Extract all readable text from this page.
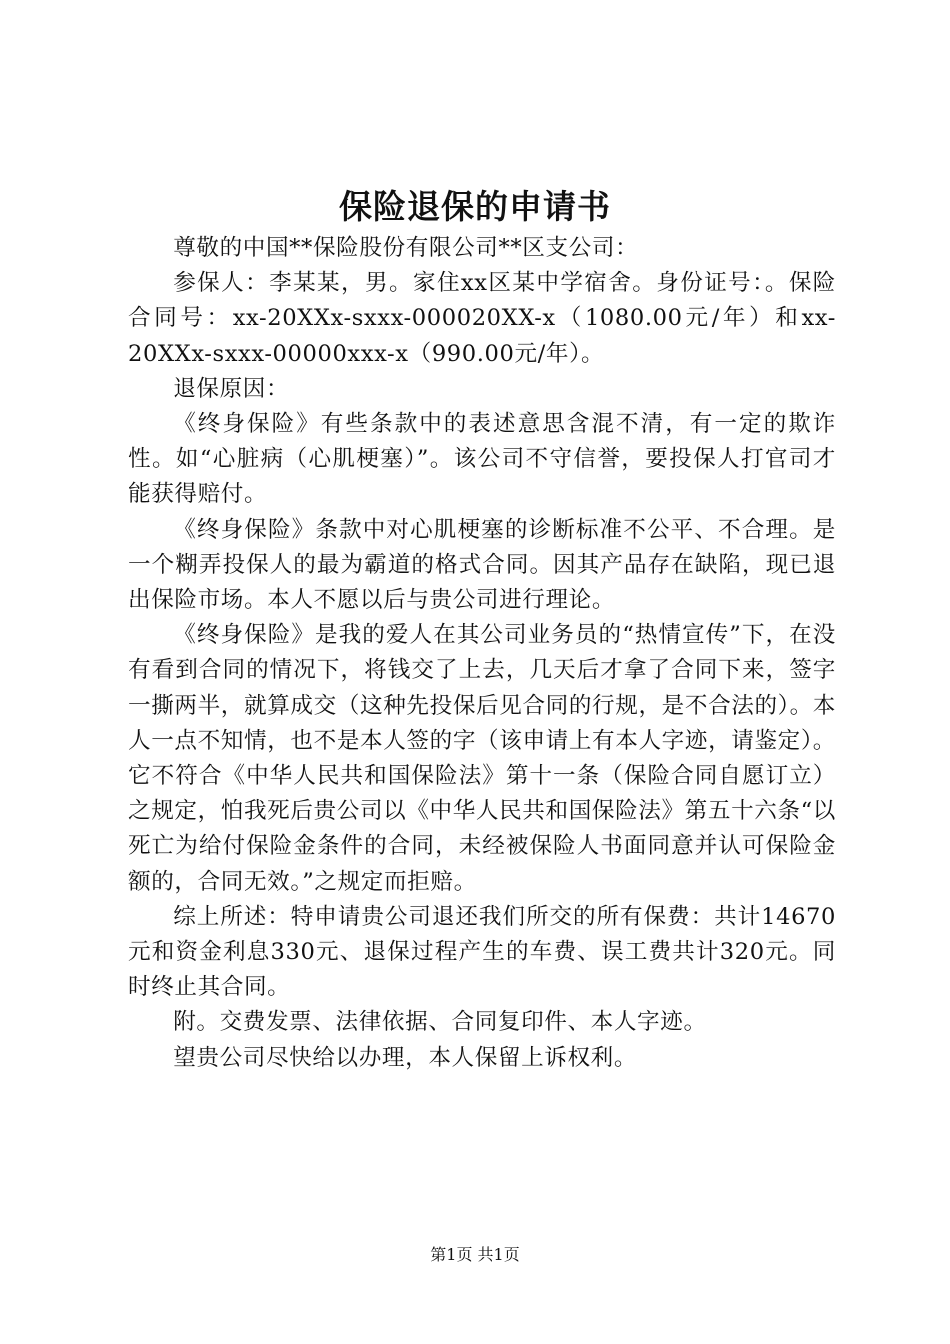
保险退保的申请书

尊敬的中国**保险股份有限公司**区支公司：

参保人：李某某，男。家住xx区某中学宿舍。身份证号：。保险合同号：xx-20XXx-sxxx-000020XX-x（1080.00元/年）和xx-20XXx-sxxx-00000xxx-x（990.00元/年）。

退保原因：

《终身保险》有些条款中的表述意思含混不清，有一定的欺诈性。如“心脏病（心肌梗塞）”。该公司不守信誉，要投保人打官司才能获得赔付。

《终身保险》条款中对心肌梗塞的诊断标准不公平、不合理。是一个糊弄投保人的最为霸道的格式合同。因其产品存在缺陷，现已退出保险市场。本人不愿以后与贵公司进行理论。

《终身保险》是我的爱人在其公司业务员的“热情宣传”下，在没有看到合同的情况下，将钱交了上去，几天后才拿了合同下来，签字一撕两半，就算成交（这种先投保后见合同的行规，是不合法的）。本人一点不知情，也不是本人签的字（该申请上有本人字迹，请鉴定）。它不符合《中华人民共和国保险法》第十一条（保险合同自愿订立）之规定，怕我死后贵公司以《中华人民共和国保险法》第五十六条“以死亡为给付保险金条件的合同，未经被保险人书面同意并认可保险金额的，合同无效。”之规定而拒赔。

综上所述：特申请贵公司退还我们所交的所有保费：共计14670元和资金利息330元、退保过程产生的车费、误工费共计320元。同时终止其合同。

附。交费发票、法律依据、合同复印件、本人字迹。

望贵公司尽快给以办理，本人保留上诉权利。

第1页 共1页
